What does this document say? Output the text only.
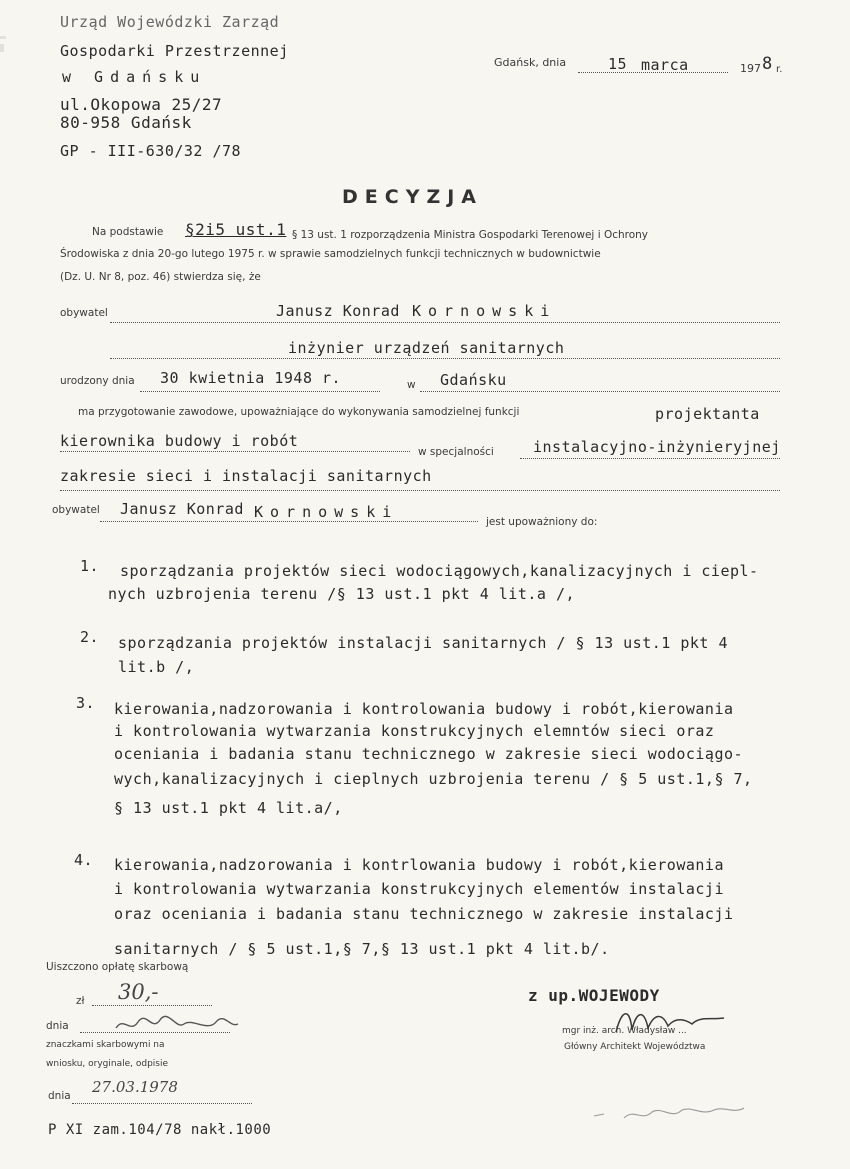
Urząd Wojewódzki Zarząd
Gospodarki Przestrzennej
w Gdańsku
ul.Okopowa 25/27
80-958 Gdańsk
GP - III-630/32 /78
Gdańsk, dnia	15 marca	197 8 r.
DECYZJA
Na podstawie §2i5 ust.1 § 13 ust. 1 rozporządzenia Ministra Gospodarki Terenowej i Ochrony
Środowiska z dnia 20-go lutego 1975 r. w sprawie samodzielnych funkcji technicznych w budownictwie
(Dz. U. Nr 8, poz. 46) stwierdza się, że
obywatel	Janusz Konrad Kornowski
inżynier urządzeń sanitarnych
urodzony dnia 30 kwietnia 1948 r.	w Gdańsku
ma przygotowanie zawodowe, upoważniające do wykonywania samodzielnej funkcji	projektanta
kierownika budowy i robót
w specjalności	instalacyjno-inżynieryjnej
zakresie sieci i instalacji sanitarnych
obywatel Janusz Konrad Kornowski
jest upoważniony do:
1. sporządzania projektów sieci wodociągowych,kanalizacyjnych i ciepl-
nych uzbrojenia terenu /§ 13 ust.1 pkt 4 lit.a /,
2. sporządzania projektów instalacji sanitarnych / § 13 ust.1 pkt 4
lit.b /,
3. kierowania,nadzorowania i kontrolowania budowy i robót,kierowania
i kontrolowania wytwarzania konstrukcyjnych elemntów sieci oraz
oceniania i badania stanu technicznego w zakresie sieci wodociągo-
wych,kanalizacyjnych i cieplnych uzbrojenia terenu / § 5 ust.1,§ 7,
§ 13 ust.1 pkt 4 lit.a/,
4. kierowania,nadzorowania i kontrlowania budowy i robót,kierowania
i kontrolowania wytwarzania konstrukcyjnych elementów instalacji
oraz oceniania i badania stanu technicznego w zakresie instalacji
sanitarnych / § 5 ust.1,§ 7,§ 13 ust.1 pkt 4 lit.b/.
Uiszczono opłatę skarbową
zł 30,-
dnia
znaczkami skarbowymi na
wniosku, oryginale, odpisie
dnia 27.03.1978
z up.WOJEWODY
mgr inż. arch. Władysław ...
Główny Architekt Województwa
P XI zam.104/78 nakł.1000
